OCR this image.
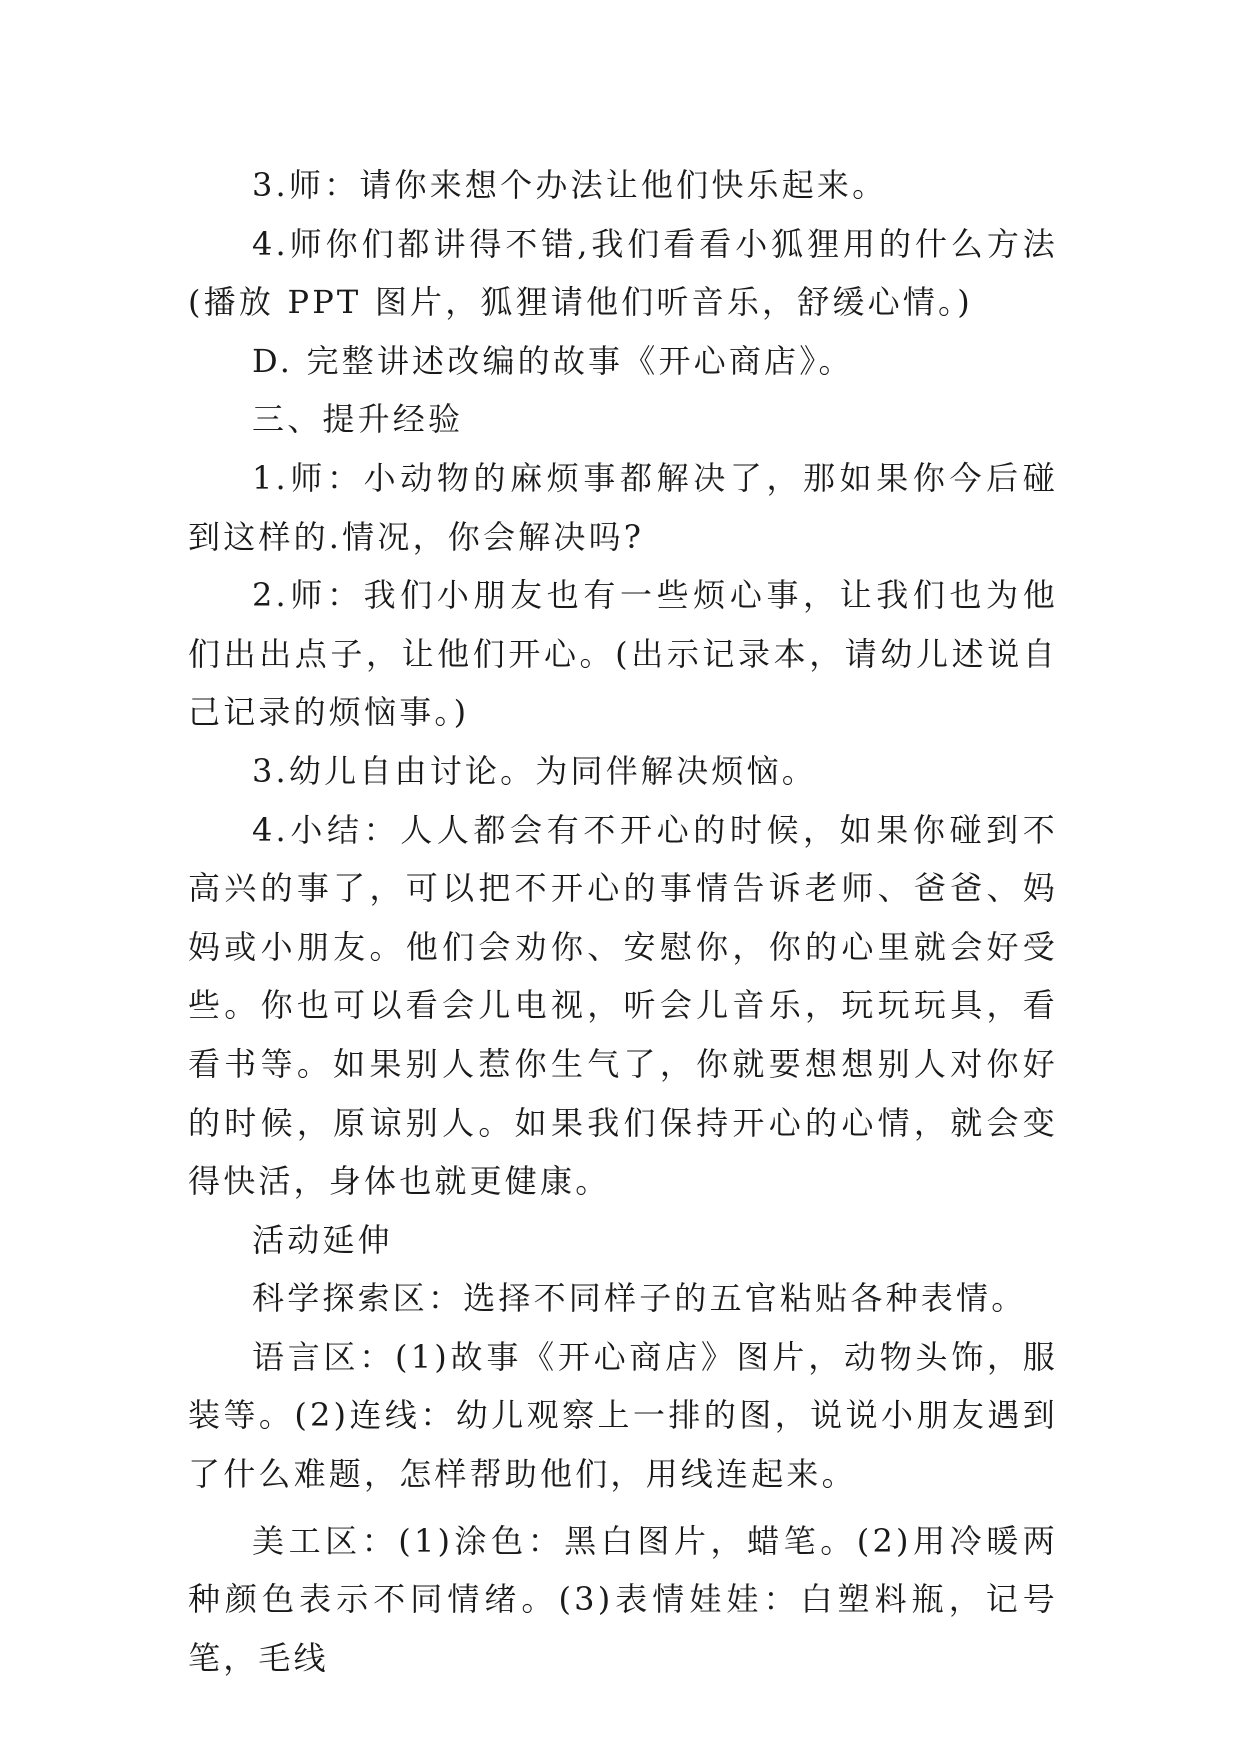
3.师：请你来想个办法让他们快乐起来。

4.师你们都讲得不错,我们看看小狐狸用的什么方法(播放 PPT 图片，狐狸请他们听音乐，舒缓心情。)

D. 完整讲述改编的故事《开心商店》。

三、提升经验

1.师：小动物的麻烦事都解决了，那如果你今后碰到这样的.情况，你会解决吗?

2.师：我们小朋友也有一些烦心事，让我们也为他们出出点子，让他们开心。(出示记录本，请幼儿述说自己记录的烦恼事。)

3.幼儿自由讨论。为同伴解决烦恼。

4.小结：人人都会有不开心的时候，如果你碰到不高兴的事了，可以把不开心的事情告诉老师、爸爸、妈妈或小朋友。他们会劝你、安慰你，你的心里就会好受些。你也可以看会儿电视，听会儿音乐，玩玩玩具，看看书等。如果别人惹你生气了，你就要想想别人对你好的时候，原谅别人。如果我们保持开心的心情，就会变得快活，身体也就更健康。

活动延伸

科学探索区：选择不同样子的五官粘贴各种表情。

语言区：(1)故事《开心商店》图片，动物头饰，服装等。(2)连线：幼儿观察上一排的图，说说小朋友遇到了什么难题，怎样帮助他们，用线连起来。

美工区：(1)涂色：黑白图片，蜡笔。(2)用冷暖两种颜色表示不同情绪。(3)表情娃娃：白塑料瓶，记号笔，毛线
